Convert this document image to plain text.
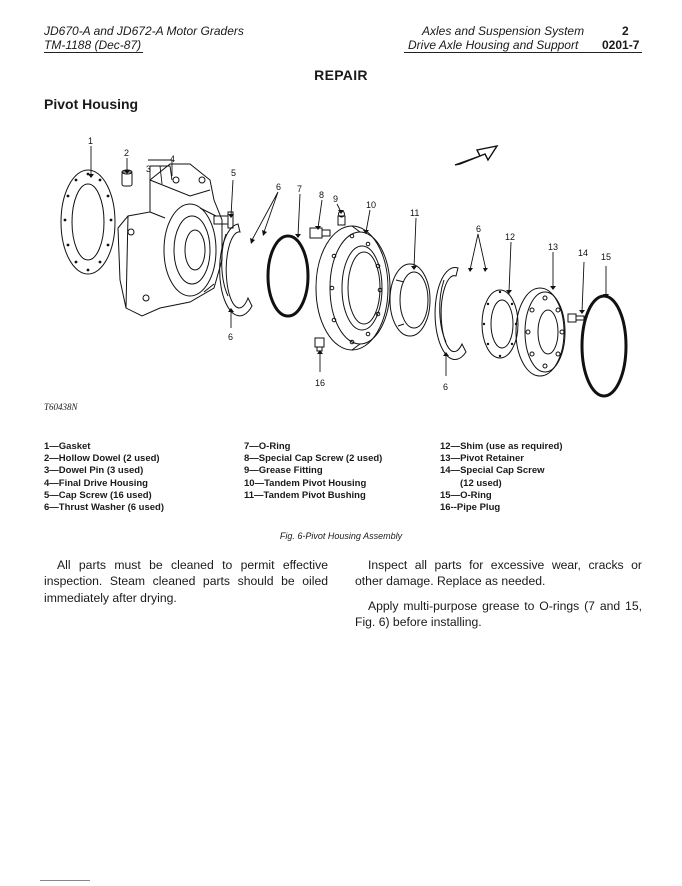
JD670-A and JD672-A Motor Graders
TM-1188 (Dec-87)
Axles and Suspension System
Drive Axle Housing and Support
2
0201-7
REPAIR
Pivot Housing
1
2
3
4
5
6 7
8 9
10
11
6
12
13
14 15
6
16	6
T60438N
1—Gasket
2—Hollow Dowel (2 used)
3—Dowel Pin (3 used)
4—Final Drive Housing
5—Cap Screw (16 used)
6—Thrust Washer (6 used)
7—O-Ring
8—Special Cap Screw (2 used)
9—Grease Fitting
10—Tandem Pivot Housing
11—Tandem Pivot Bushing
12—Shim (use as required)
13—Pivot Retainer
14—Special Cap Screw
(12 used)
15—O-Ring
16--Pipe Plug
Fig. 6-Pivot Housing Assembly
All parts must be cleaned to permit effective inspection. Steam cleaned parts should be oiled immediately after drying.
Inspect all parts for excessive wear, cracks or other damage. Replace as needed.
Apply multi-purpose grease to O-rings (7 and 15, Fig. 6) before installing.
